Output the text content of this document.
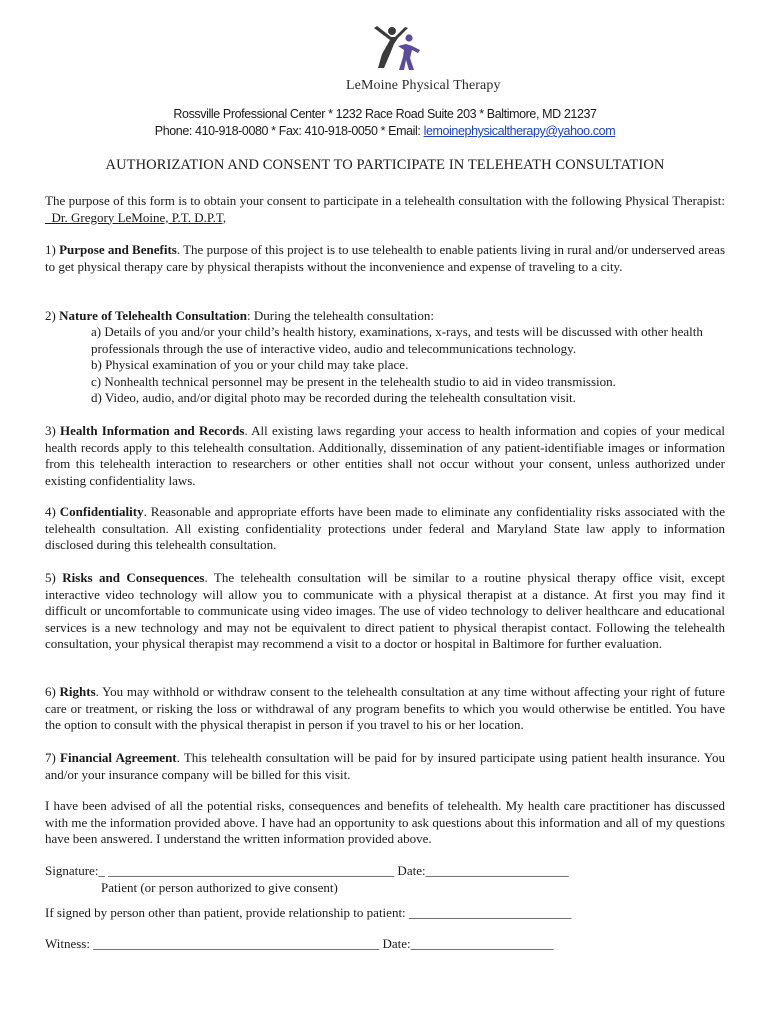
LeMoine Physical Therapy
Rossville Professional Center * 1232 Race Road Suite 203 * Baltimore, MD 21237
Phone: 410-918-0080 * Fax: 410-918-0050 * Email: lemoinephysicaltherapy@yahoo.com
AUTHORIZATION AND CONSENT TO PARTICIPATE IN TELEHEATH CONSULTATION
The purpose of this form is to obtain your consent to participate in a telehealth consultation with the following Physical Therapist: _Dr. Gregory LeMoine, P.T. D.P.T,
1) Purpose and Benefits. The purpose of this project is to use telehealth to enable patients living in rural and/or underserved areas to get physical therapy care by physical therapists without the inconvenience and expense of traveling to a city.
2) Nature of Telehealth Consultation: During the telehealth consultation:
a) Details of you and/or your child’s health history, examinations, x-rays, and tests will be discussed with other health professionals through the use of interactive video, audio and telecommunications technology.
b) Physical examination of you or your child may take place.
c) Nonhealth technical personnel may be present in the telehealth studio to aid in video transmission.
d) Video, audio, and/or digital photo may be recorded during the telehealth consultation visit.
3) Health Information and Records. All existing laws regarding your access to health information and copies of your medical health records apply to this telehealth consultation. Additionally, dissemination of any patient-identifiable images or information from this telehealth interaction to researchers or other entities shall not occur without your consent, unless authorized under existing confidentiality laws.
4) Confidentiality. Reasonable and appropriate efforts have been made to eliminate any confidentiality risks associated with the telehealth consultation. All existing confidentiality protections under federal and Maryland State law apply to information disclosed during this telehealth consultation.
5) Risks and Consequences. The telehealth consultation will be similar to a routine physical therapy office visit, except interactive video technology will allow you to communicate with a physical therapist at a distance. At first you may find it difficult or uncomfortable to communicate using video images. The use of video technology to deliver healthcare and educational services is a new technology and may not be equivalent to direct patient to physical therapist contact. Following the telehealth consultation, your physical therapist may recommend a visit to a doctor or hospital in Baltimore for further evaluation.
6) Rights. You may withhold or withdraw consent to the telehealth consultation at any time without affecting your right of future care or treatment, or risking the loss or withdrawal of any program benefits to which you would otherwise be entitled. You have the option to consult with the physical therapist in person if you travel to his or her location.
7) Financial Agreement. This telehealth consultation will be paid for by insured participate using patient health insurance. You and/or your insurance company will be billed for this visit.
I have been advised of all the potential risks, consequences and benefits of telehealth. My health care practitioner has discussed with me the information provided above. I have had an opportunity to ask questions about this information and all of my questions have been answered. I understand the written information provided above.
Signature:_ ____________________________________________ Date:______________________
Patient (or person authorized to give consent)
If signed by person other than patient, provide relationship to patient: _________________________
Witness: ____________________________________________ Date:______________________
